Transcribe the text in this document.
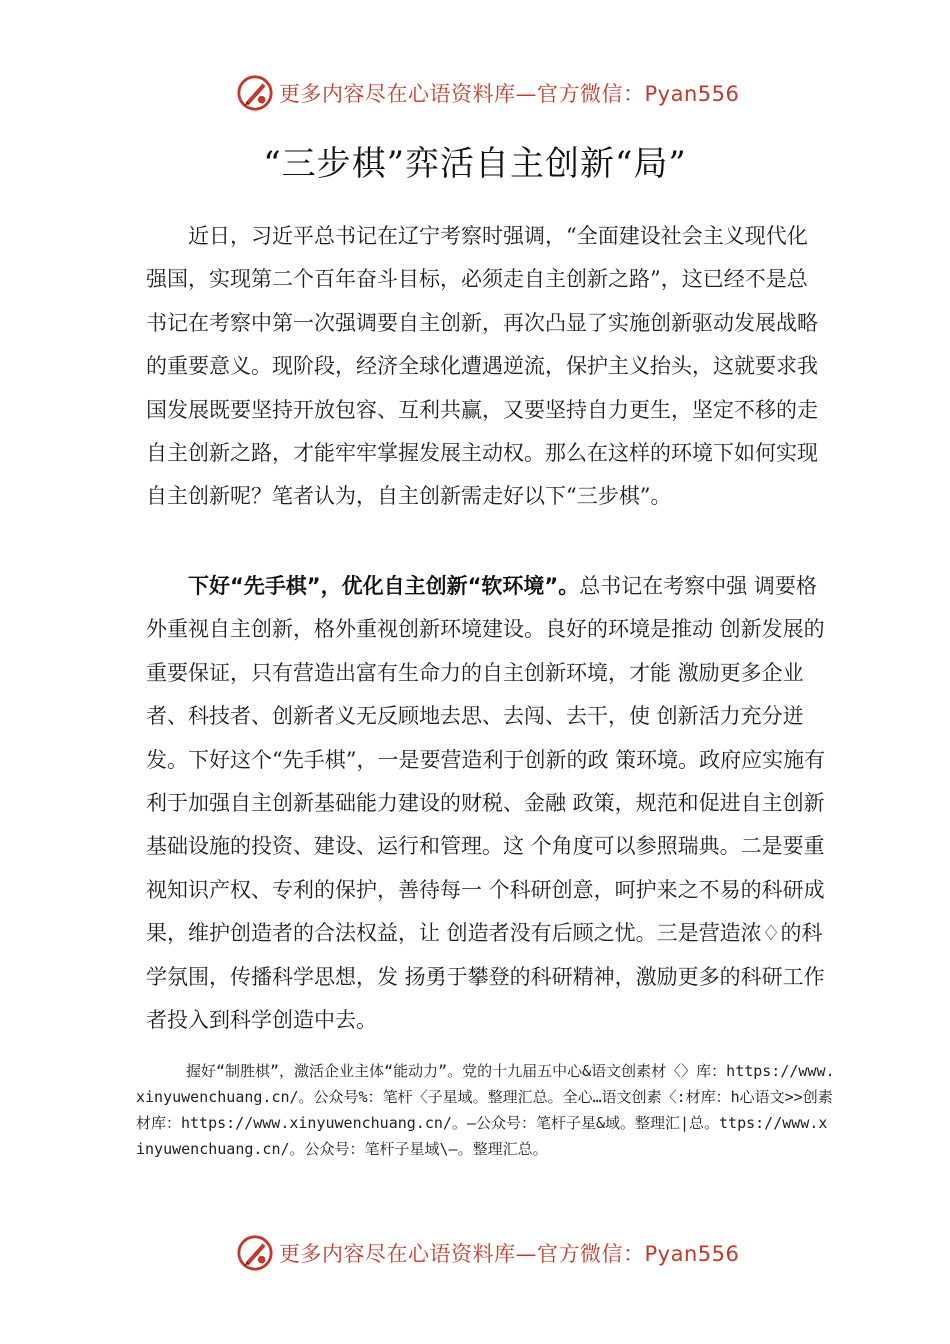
更多内容尽在心语资料库—官方微信：Pyan556
“三步棋”弈活自主创新“局”

近日，习近平总书记在辽宁考察时强调，“全面建设社会主义现代化强国，实现第二个百年奋斗目标，必须走自主创新之路”，这已经不是总书记在考察中第一次强调要自主创新，再次凸显了实施创新驱动发展战略的重要意义。现阶段，经济全球化遭遇逆流，保护主义抬头，这就要求我国发展既要坚持开放包容、互利共赢，又要坚持自力更生，坚定不移的走自主创新之路，才能牢牢掌握发展主动权。那么在这样的环境下如何实现自主创新呢？笔者认为，自主创新需走好以下“三步棋”。

下好“先手棋”，优化自主创新“软环境”。总书记在考察中强 调要格外重视自主创新，格外重视创新环境建设。良好的环境是推动 创新发展的重要保证，只有营造出富有生命力的自主创新环境，才能 激励更多企业者、科技者、创新者义无反顾地去思、去闯、去干，使 创新活力充分迸发。下好这个“先手棋”，一是要营造利于创新的政 策环境。政府应实施有利于加强自主创新基础能力建设的财税、金融 政策，规范和促进自主创新基础设施的投资、建设、运行和管理。这 个角度可以参照瑞典。二是要重视知识产权、专利的保护，善待每一 个科研创意，呵护来之不易的科研成果，维护创造者的合法权益，让 创造者没有后顾之忧。三是营造浓♢的科学氛围，传播科学思想，发 扬勇于攀登的科研精神，激励更多的科研工作者投入到科学创造中去。

握好“制胜棋”，激活企业主体“能动力”。党的十九届五中心&语文创素材〈〉库：https://www.xinyuwenchuang.cn/。公众号%：笔杆〈子星域。整理汇总。全心…语文创素〈:材库：h心语文>>创素材库：https://www.xinyuwenchuang.cn/。—公众号：笔杆子星&域。整理汇|总。ttps://www.xinyuwenchuang.cn/。公众号：笔杆子星域\—。整理汇总。

更多内容尽在心语资料库—官方微信：Pyan556
